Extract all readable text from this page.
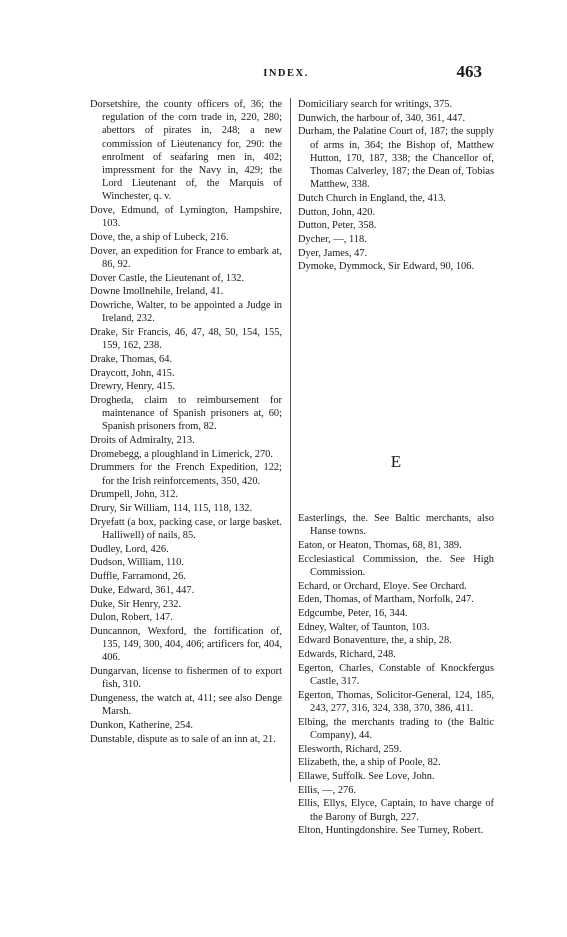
INDEX.	463

Dorsetshire, the county officers of, 36; the regulation of the corn trade in, 220, 280; abettors of pirates in, 248; a new commission of Lieutenancy for, 290: the enrolment of seafaring men in, 402; impressment for the Navy in, 429; the Lord Lieutenant of, the Marquis of Winchester, q. v.

Dove, Edmund, of Lymington, Hampshire, 103.

Dove, the, a ship of Lubeck, 216.

Dover, an expedition for France to embark at, 86, 92.

Dover Castle, the Lieutenant of, 132.

Downe Imollnehile, Ireland, 41.

Dowriche, Walter, to be appointed a Judge in Ireland, 232.

Drake, Sir Francis, 46, 47, 48, 50, 154, 155, 159, 162, 238.

Drake, Thomas, 64.

Draycott, John, 415.

Drewry, Henry, 415.

Drogheda, claim to reimbursement for maintenance of Spanish prisoners at, 60; Spanish prisoners from, 82.

Droits of Admiralty, 213.

Dromebegg, a ploughland in Limerick, 270.

Drummers for the French Expedition, 122; for the Irish reinforcements, 350, 420.

Drumpell, John, 312.

Drury, Sir William, 114, 115, 118, 132.

Dryefatt (a box, packing case, or large basket. Halliwell) of nails, 85.

Dudley, Lord, 426.

Dudson, William, 110.

Duffle, Farramond, 26.

Duke, Edward, 361, 447.

Duke, Sir Henry, 232.

Dulon, Robert, 147.

Duncannon, Wexford, the fortification of, 135, 149, 300, 404, 406; artificers for, 404, 406.

Dungarvan, license to fishermen of to export fish, 310.

Dungeness, the watch at, 411; see also Denge Marsh.

Dunkon, Katherine, 254.

Dunstable, dispute as to sale of an inn at, 21.

Domiciliary search for writings, 375.

Dunwich, the harbour of, 340, 361, 447.

Durham, the Palatine Court of, 187; the supply of arms in, 364; the Bishop of, Matthew Hutton, 170, 187, 338; the Chancellor of, Thomas Calverley, 187; the Dean of, Tobias Matthew, 338.

Dutch Church in England, the, 413.

Dutton, John, 420.

Dutton, Peter, 358.

Dycher, —, 118.

Dyer, James, 47.

Dymoke, Dymmock, Sir Edward, 90, 106.

E

Easterlings, the. See Baltic merchants, also Hanse towns.

Eaton, or Heaton, Thomas, 68, 81, 389.

Ecclesiastical Commission, the. See High Commission.

Echard, or Orchard, Eloye. See Orchard.

Eden, Thomas, of Martham, Norfolk, 247.

Edgcumbe, Peter, 16, 344.

Edney, Walter, of Taunton, 103.

Edward Bonaventure, the, a ship, 28.

Edwards, Richard, 248.

Egerton, Charles, Constable of Knockfergus Castle, 317.

Egerton, Thomas, Solicitor-General, 124, 185, 243, 277, 316, 324, 338, 370, 386, 411.

Elbing, the merchants trading to (the Baltic Company), 44.

Elesworth, Richard, 259.

Elizabeth, the, a ship of Poole, 82.

Ellawe, Suffolk. See Love, John.

Ellis, —, 276.

Ellis, Ellys, Elyce, Captain, to have charge of the Barony of Burgh, 227.

Elton, Huntingdonshire. See Turney, Robert.
